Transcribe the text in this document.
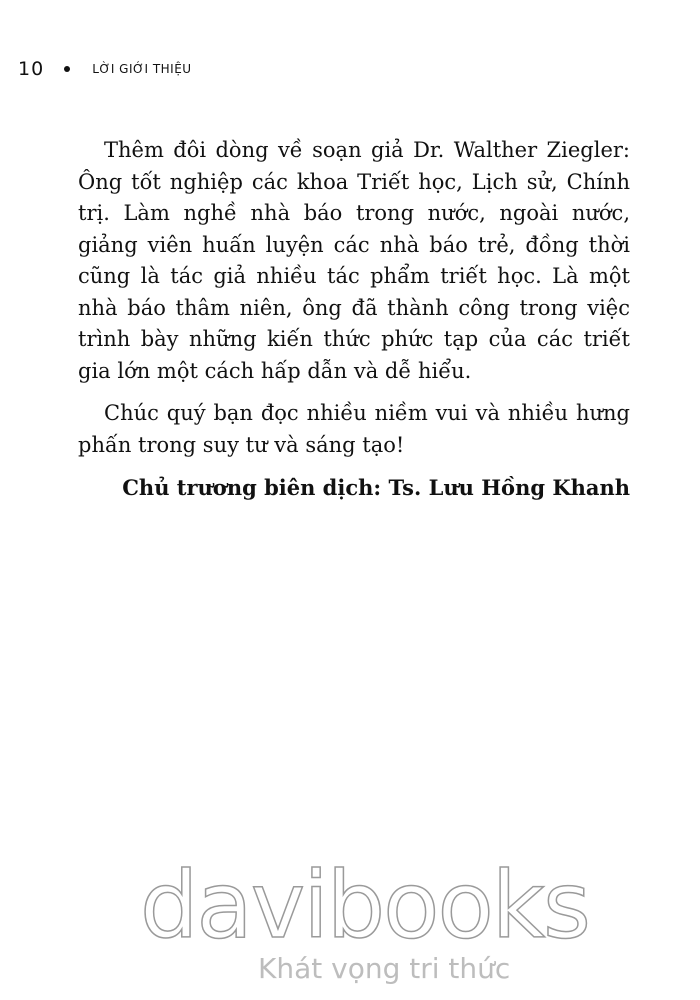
10	LỜI GIỚI THIỆU

Thêm đôi dòng về soạn giả Dr. Walther Ziegler: Ông tốt nghiệp các khoa Triết học, Lịch sử, Chính trị. Làm nghề nhà báo trong nước, ngoài nước, giảng viên huấn luyện các nhà báo trẻ, đồng thời cũng là tác giả nhiều tác phẩm triết học. Là một nhà báo thâm niên, ông đã thành công trong việc trình bày những kiến thức phức tạp của các triết gia lớn một cách hấp dẫn và dễ hiểu.

Chúc quý bạn đọc nhiều niềm vui và nhiều hưng phấn trong suy tư và sáng tạo!

Chủ trương biên dịch: Ts. Lưu Hồng Khanh
davibooks
Khát vọng tri thức
